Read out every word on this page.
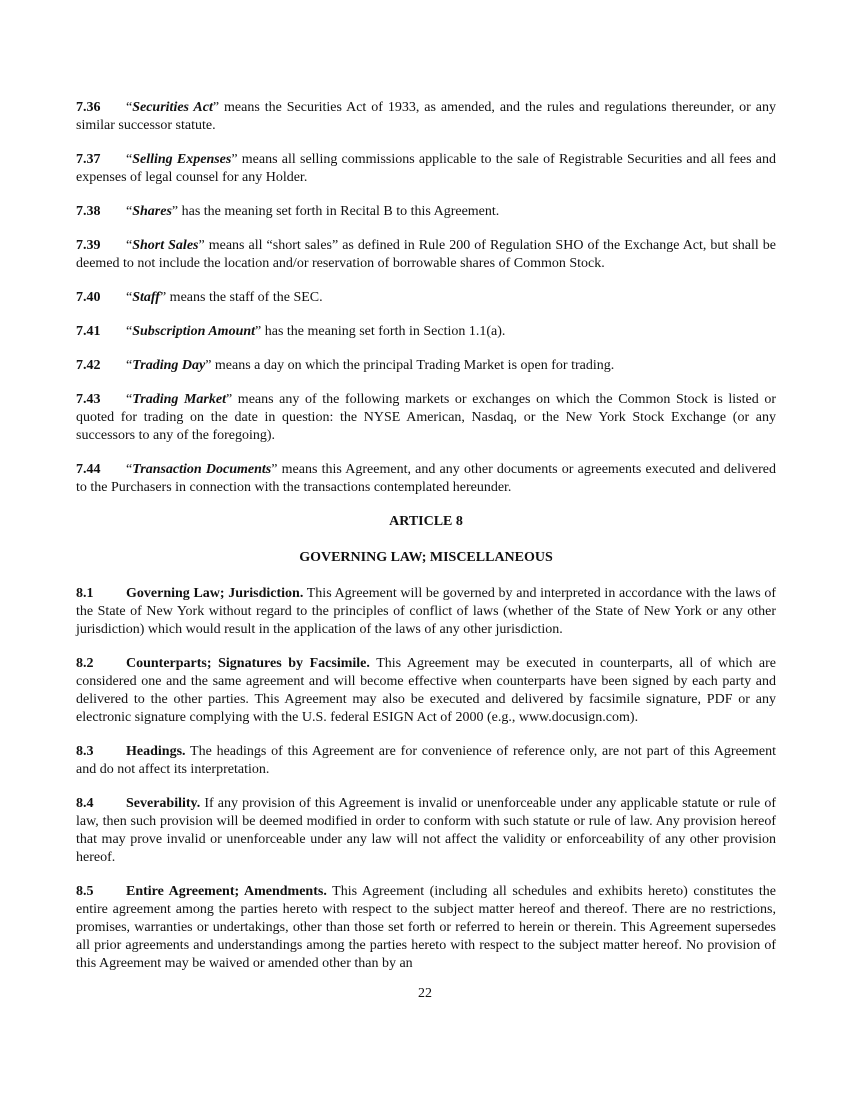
7.36 “Securities Act” means the Securities Act of 1933, as amended, and the rules and regulations thereunder, or any similar successor statute.

7.37 “Selling Expenses” means all selling commissions applicable to the sale of Registrable Securities and all fees and expenses of legal counsel for any Holder.

7.38 “Shares” has the meaning set forth in Recital B to this Agreement.

7.39 “Short Sales” means all “short sales” as defined in Rule 200 of Regulation SHO of the Exchange Act, but shall be deemed to not include the location and/or reservation of borrowable shares of Common Stock.

7.40 “Staff” means the staff of the SEC.

7.41 “Subscription Amount” has the meaning set forth in Section 1.1(a).

7.42 “Trading Day” means a day on which the principal Trading Market is open for trading.

7.43 “Trading Market” means any of the following markets or exchanges on which the Common Stock is listed or quoted for trading on the date in question: the NYSE American, Nasdaq, or the New York Stock Exchange (or any successors to any of the foregoing).

7.44 “Transaction Documents” means this Agreement, and any other documents or agreements executed and delivered to the Purchasers in connection with the transactions contemplated hereunder.

ARTICLE 8

GOVERNING LAW; MISCELLANEOUS

8.1 Governing Law; Jurisdiction. This Agreement will be governed by and interpreted in accordance with the laws of the State of New York without regard to the principles of conflict of laws (whether of the State of New York or any other jurisdiction) which would result in the application of the laws of any other jurisdiction.

8.2 Counterparts; Signatures by Facsimile. This Agreement may be executed in counterparts, all of which are considered one and the same agreement and will become effective when counterparts have been signed by each party and delivered to the other parties. This Agreement may also be executed and delivered by facsimile signature, PDF or any electronic signature complying with the U.S. federal ESIGN Act of 2000 (e.g., www.docusign.com).

8.3 Headings. The headings of this Agreement are for convenience of reference only, are not part of this Agreement and do not affect its interpretation.

8.4 Severability. If any provision of this Agreement is invalid or unenforceable under any applicable statute or rule of law, then such provision will be deemed modified in order to conform with such statute or rule of law. Any provision hereof that may prove invalid or unenforceable under any law will not affect the validity or enforceability of any other provision hereof.

8.5 Entire Agreement; Amendments. This Agreement (including all schedules and exhibits hereto) constitutes the entire agreement among the parties hereto with respect to the subject matter hereof and thereof. There are no restrictions, promises, warranties or undertakings, other than those set forth or referred to herein or therein. This Agreement supersedes all prior agreements and understandings among the parties hereto with respect to the subject matter hereof. No provision of this Agreement may be waived or amended other than by an

22
